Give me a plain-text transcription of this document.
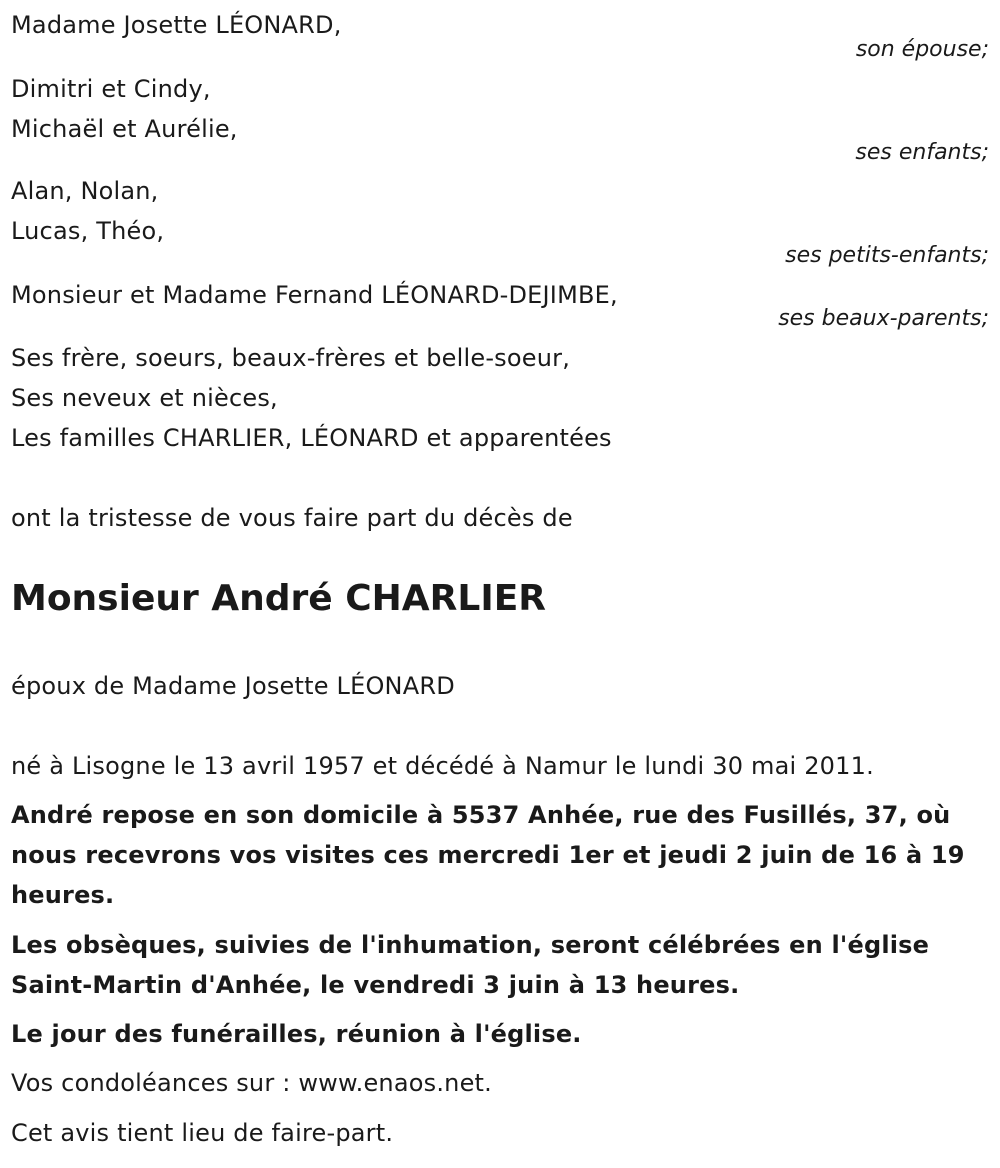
Madame Josette LÉONARD,
son épouse;
Dimitri et Cindy,
Michaël et Aurélie,
ses enfants;
Alan, Nolan,
Lucas, Théo,
ses petits-enfants;
Monsieur et Madame Fernand LÉONARD-DEJIMBE,
ses beaux-parents;
Ses frère, soeurs, beaux-frères et belle-soeur,
Ses neveux et nièces,
Les familles CHARLIER, LÉONARD et apparentées
ont la tristesse de vous faire part du décès de
Monsieur André CHARLIER
époux de Madame Josette LÉONARD
né à Lisogne le 13 avril 1957 et décédé à Namur le lundi 30 mai 2011.
André repose en son domicile à 5537 Anhée, rue des Fusillés, 37, où nous recevrons vos visites ces mercredi 1er et jeudi 2 juin de 16 à 19 heures.
Les obsèques, suivies de l'inhumation, seront célébrées en l'église Saint-Martin d'Anhée, le vendredi 3 juin à 13 heures.
Le jour des funérailles, réunion à l'église.
Vos condoléances sur : www.enaos.net.
Cet avis tient lieu de faire-part.
